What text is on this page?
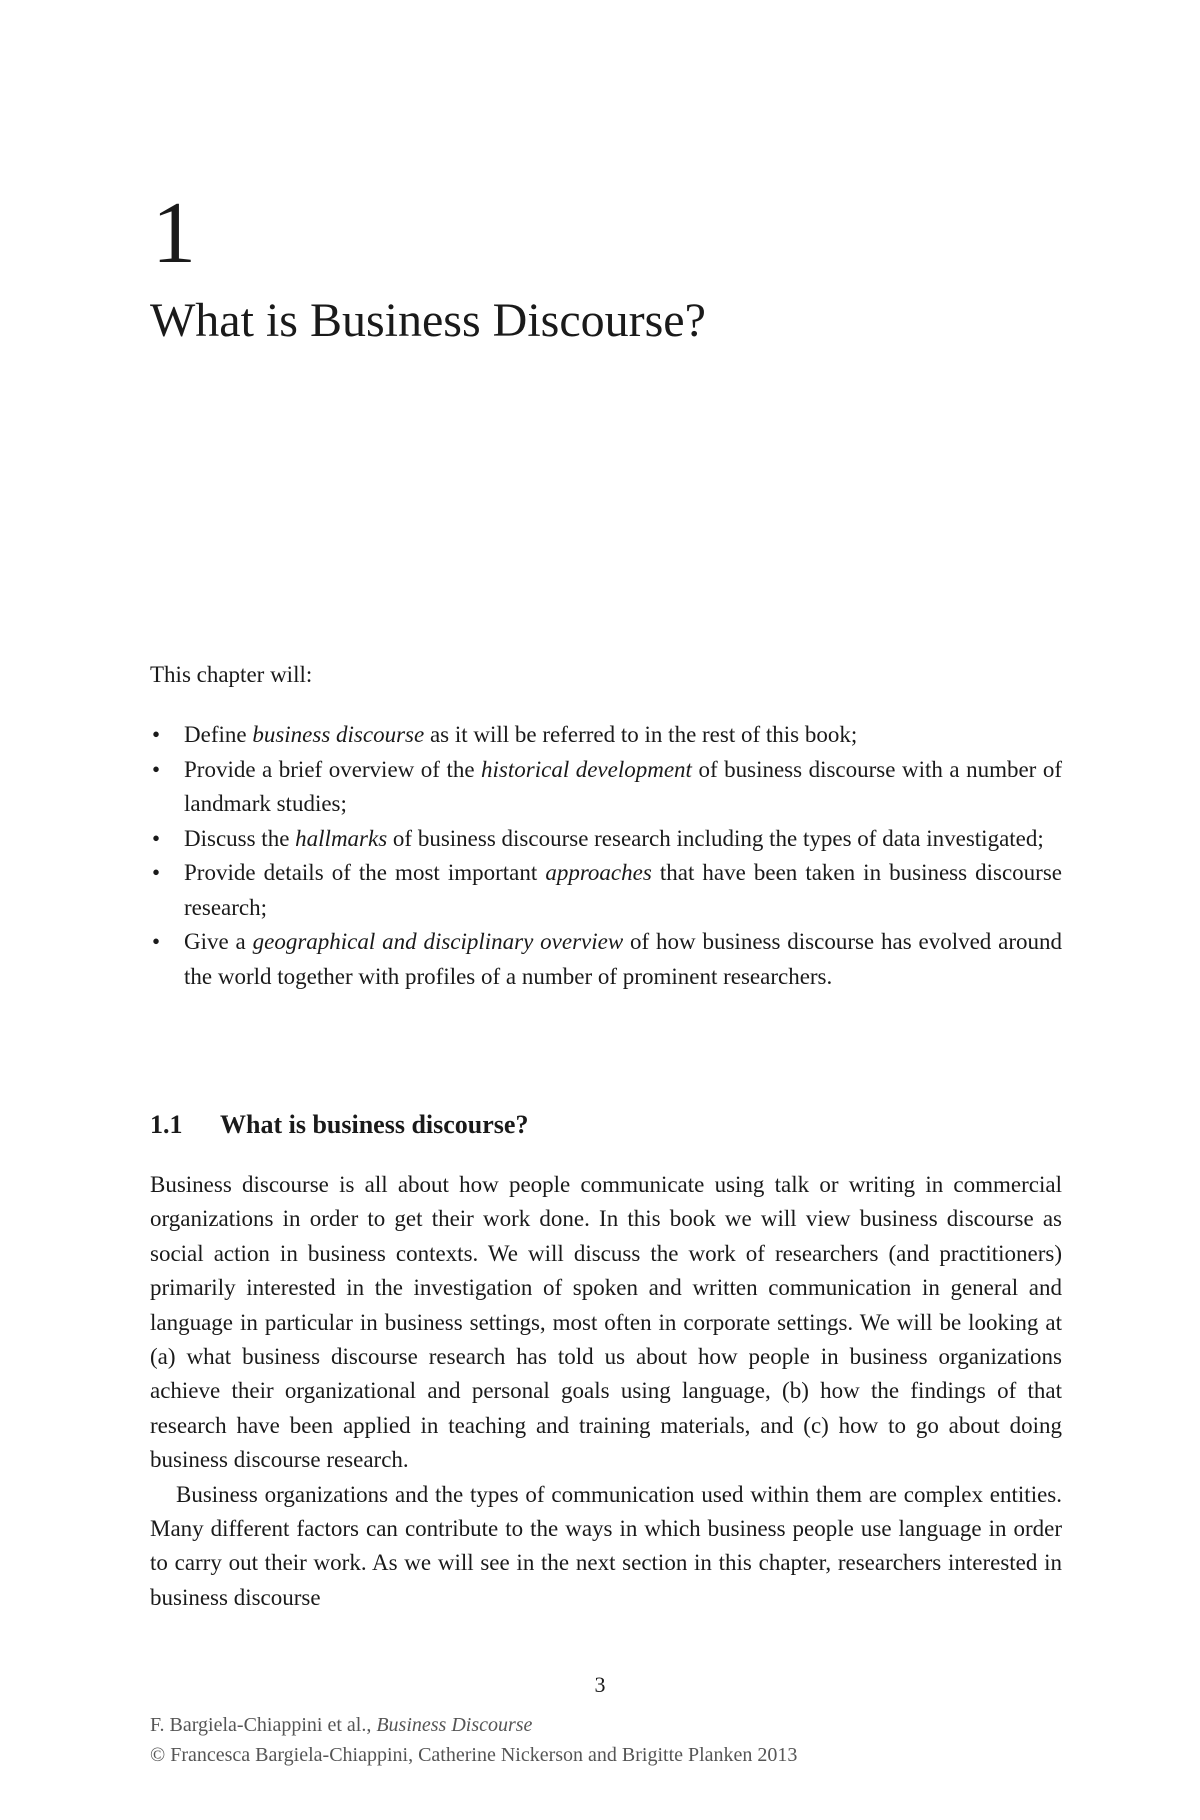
1
What is Business Discourse?

This chapter will:

• Define business discourse as it will be referred to in the rest of this book;
• Provide a brief overview of the historical development of business discourse with a number of landmark studies;
• Discuss the hallmarks of business discourse research including the types of data investigated;
• Provide details of the most important approaches that have been taken in business discourse research;
• Give a geographical and disciplinary overview of how business discourse has evolved around the world together with profiles of a number of prominent researchers.
1.1 What is business discourse?

Business discourse is all about how people communicate using talk or writing in commercial organizations in order to get their work done. In this book we will view business discourse as social action in business contexts. We will discuss the work of researchers (and practitioners) primarily interested in the investigation of spoken and written communication in general and language in particular in business settings, most often in corporate settings. We will be looking at (a) what business discourse research has told us about how people in business organizations achieve their organizational and personal goals using language, (b) how the findings of that research have been applied in teaching and training materials, and (c) how to go about doing business discourse research.

Business organizations and the types of communication used within them are complex entities. Many different factors can contribute to the ways in which business people use language in order to carry out their work. As we will see in the next section in this chapter, researchers interested in business discourse

3

F. Bargiela-Chiappini et al., Business Discourse
© Francesca Bargiela-Chiappini, Catherine Nickerson and Brigitte Planken 2013
